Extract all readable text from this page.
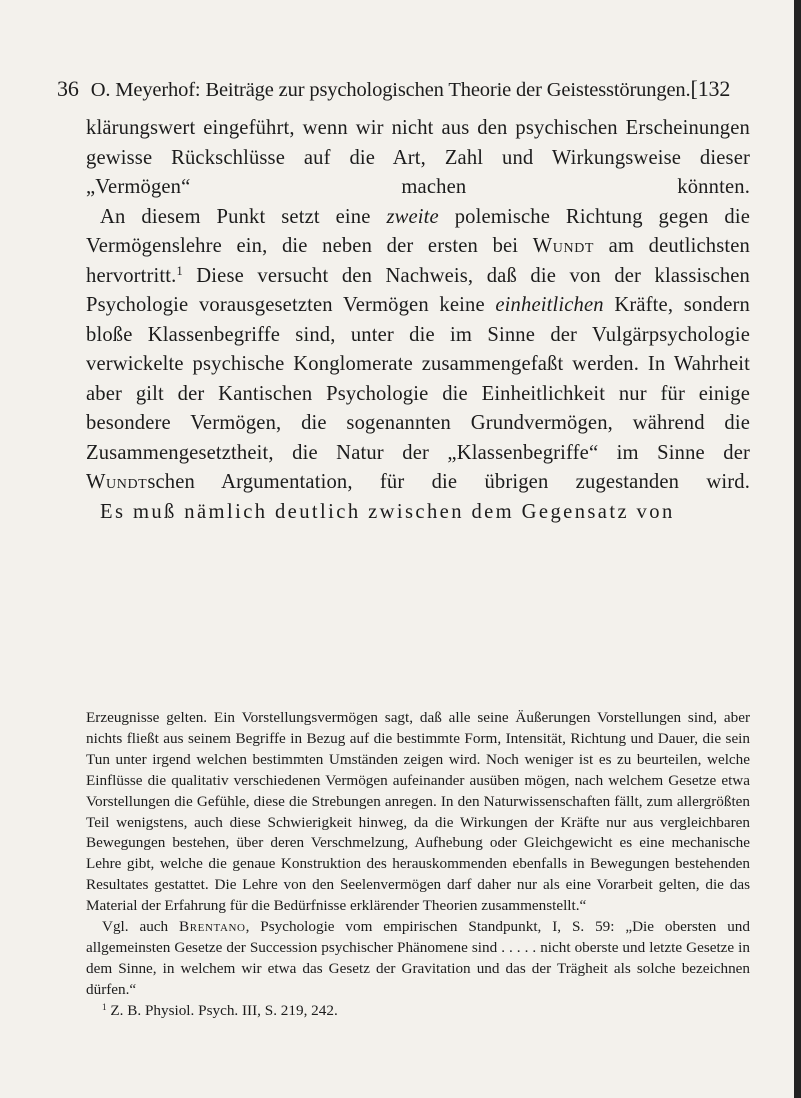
36 O. Meyerhof: Beiträge zur psychologischen Theorie der Geistesstörungen.[132

klärungswert eingeführt, wenn wir nicht aus den psychischen Erscheinungen gewisse Rückschlüsse auf die Art, Zahl und Wirkungsweise dieser „Vermögen“ machen könnten.

An diesem Punkt setzt eine zweite polemische Richtung gegen die Vermögenslehre ein, die neben der ersten bei Wundt am deutlichsten hervortritt.$^1$ Diese versucht den Nachweis, daß die von der klassischen Psychologie vorausgesetzten Vermögen keine einheitlichen Kräfte, sondern bloße Klassenbegriffe sind, unter die im Sinne der Vulgärpsychologie verwickelte psychische Konglomerate zusammengefaßt werden. In Wahrheit aber gilt der Kantischen Psychologie die Einheitlichkeit nur für einige besondere Vermögen, die sogenannten Grundvermögen, während die Zusammengesetztheit, die Natur der „Klassenbegriffe“ im Sinne der Wundtschen Argumentation, für die übrigen zugestanden wird.

Es muß nämlich deutlich zwischen dem Gegensatz von

Erzeugnisse gelten. Ein Vorstellungsvermögen sagt, daß alle seine Äußerungen Vorstellungen sind, aber nichts fließt aus seinem Begriffe in Bezug auf die bestimmte Form, Intensität, Richtung und Dauer, die sein Tun unter irgend welchen bestimmten Umständen zeigen wird. Noch weniger ist es zu beurteilen, welche Einflüsse die qualitativ verschiedenen Vermögen aufeinander ausüben mögen, nach welchem Gesetze etwa Vorstellungen die Gefühle, diese die Strebungen anregen. In den Naturwissenschaften fällt, zum allergrößten Teil wenigstens, auch diese Schwierigkeit hinweg, da die Wirkungen der Kräfte nur aus vergleichbaren Bewegungen bestehen, über deren Verschmelzung, Aufhebung oder Gleichgewicht es eine mechanische Lehre gibt, welche die genaue Konstruktion des herauskommenden ebenfalls in Bewegungen bestehenden Resultates gestattet. Die Lehre von den Seelenvermögen darf daher nur als eine Vorarbeit gelten, die das Material der Erfahrung für die Bedürfnisse erklärender Theorien zusammenstellt.“

Vgl. auch Brentano, Psychologie vom empirischen Standpunkt, I, S. 59: „Die obersten und allgemeinsten Gesetze der Succession psychischer Phänomene sind . . . . . nicht oberste und letzte Gesetze in dem Sinne, in welchem wir etwa das Gesetz der Gravitation und das der Trägheit als solche bezeichnen dürfen.“

$^1$ Z. B. Physiol. Psych. III, S. 219, 242.
